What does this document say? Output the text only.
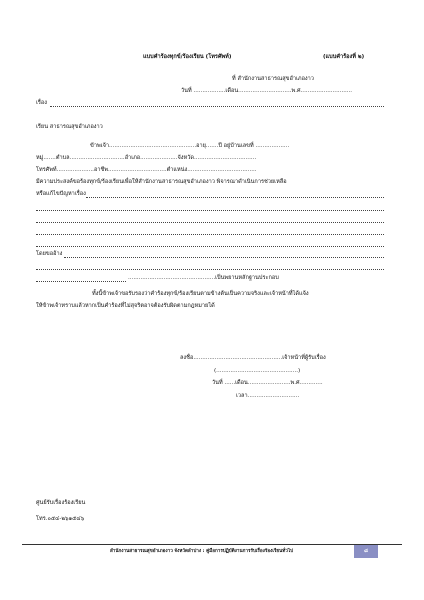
แบบคำร้องทุกข์/ร้องเรียน (โทรศัพท์)	(แบบคำร้องที่ ๒)
ที่ สำนักงานสาธารณสุขอำเภองาว
วันที่ ..................เดือน..............................พ.ศ.............................
เรื่อง
เรียน สาธารณสุขอำเภองาว
ข้าพเจ้า.................................................อายุ.......ปี อยู่บ้านเลขที่ ...................
หมู่.......ตำบล...............................อำเภอ.....................จังหวัด...................................
โทรศัพท์.....................อาชีพ.................................ตำแหน่ง.......................................
มีความประสงค์ขอร้องทุกข์/ร้องเรียนเพื่อให้สำนักงานสาธารณสุขอำเภองาว พิจารณาดำเนินการช่วยเหลือ
หรือแก้ไขปัญหาเรื่อง
โดยขออ้าง
.................................................เป็นพยานหลักฐานประกอบ
ทั้งนี้ข้าพเจ้าขอรับรองว่าคำร้องทุกข์/ร้องเรียนตามข้างต้นเป็นความจริงและเจ้าหน้าที่ได้แจ้ง
ให้ข้าพเจ้าทราบแล้วหากเป็นคำร้องที่ไม่สุจริตอาจต้องรับผิดตามกฎหมายได้
ลงชื่อ..................................................เจ้าหน้าที่ผู้รับเรื่อง
(..............................................)
วันที่ ......เดือน........................พ.ศ.............
เวลา.............................
ศูนย์รับเรื่องร้องเรียน
โทร.๐๕๔-๒๖๑๕๔๖
สำนักงานสาธารณสุขอำเภองาว จังหวัดลำปาง : คู่มือการปฏิบัติงานการรับเรื่องร้องเรียนทั่วไป	๘
